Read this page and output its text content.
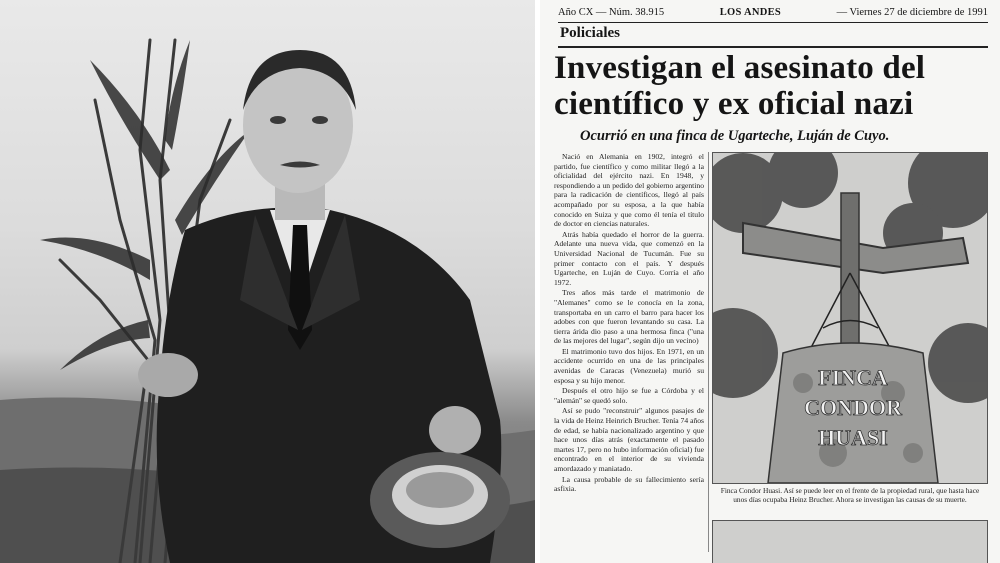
Año CX — Núm. 38.915	LOS ANDES	— Viernes 27 de diciembre de 1991
Policiales
Investigan el asesinato del científico y ex oficial nazi
Ocurrió en una finca de Ugarteche, Luján de Cuyo.

Nació en Alemania en 1902, integró el partido, fue científico y como militar llegó a la oficialidad del ejército nazi. En 1948, y respondiendo a un pedido del gobierno argentino para la radicación de científicos, llegó al país acompañado por su esposa, a la que había conocido en Suiza y que como él tenía el título de doctor en ciencias naturales.

Atrás había quedado el horror de la guerra. Adelante una nueva vida, que comenzó en la Universidad Nacional de Tucumán. Fue su primer contacto con el país. Y después Ugarteche, en Luján de Cuyo. Corría el año 1972.

Tres años más tarde el matrimonio de "Alemanes" como se le conocía en la zona, transportaba en un carro el barro para hacer los adobes con que fueron levantando su casa. La tierra árida dio paso a una hermosa finca ("una de las mejores del lugar", según dijo un vecino)

El matrimonio tuvo dos hijos. En 1971, en un accidente ocurrido en una de las principales avenidas de Caracas (Venezuela) murió su esposa y su hijo menor.

Después el otro hijo se fue a Córdoba y el "alemán" se quedó solo.

Así se pudo "reconstruir" algunos pasajes de la vida de Heinz Heinrich Brucher. Tenía 74 años de edad, se había nacionalizado argentino y que hace unos días atrás (exactamente el pasado martes 17, pero no hubo información oficial) fue encontrado en el interior de su vivienda amordazado y maniatado.

La causa probable de su fallecimiento sería asfixia.

FINCA
CONDOR
HUASI
Finca Condor Huasi. Así se puede leer en el frente de la propiedad rural, que hasta hace unos días ocupaba Heinz Brucher. Ahora se investigan las causas de su muerte.
